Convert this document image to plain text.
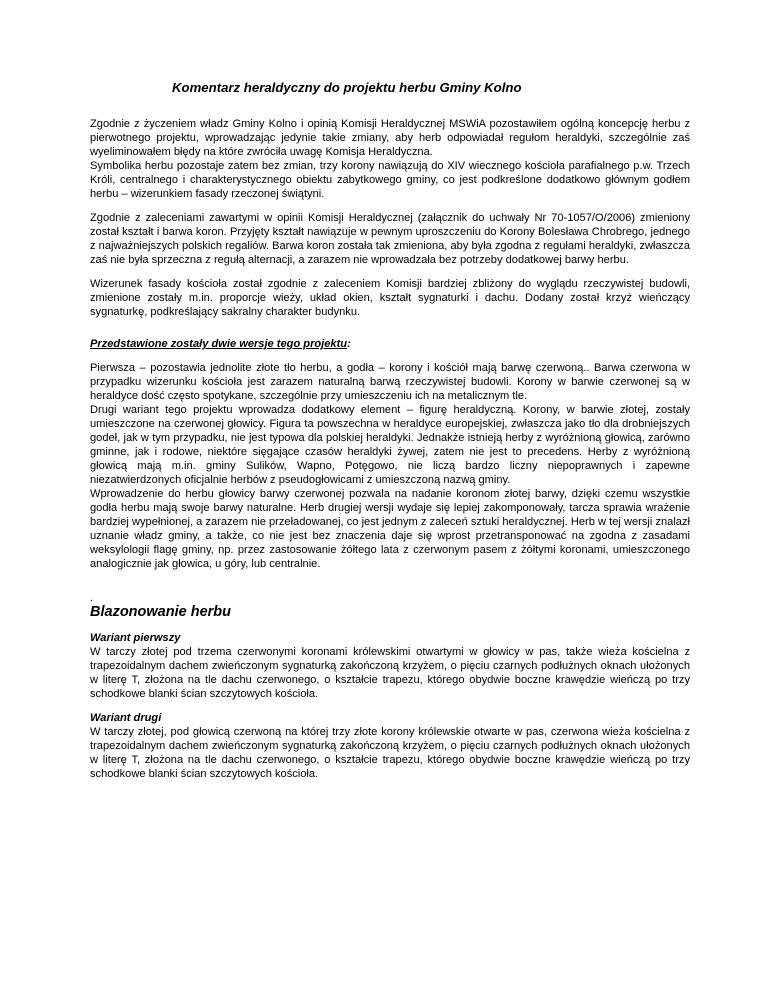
Komentarz heraldyczny do projektu herbu Gminy Kolno

Zgodnie z życzeniem władz Gminy Kolno i opinią Komisji Heraldycznej MSWiA pozostawiłem ogólną koncepcję herbu z pierwotnego projektu, wprowadzając jedynie takie zmiany, aby herb odpowiadał regułom heraldyki, szczególnie zaś wyeliminowałem błędy na które zwróciła uwagę Komisja Heraldyczna.

Symbolika herbu pozostaje zatem bez zmian, trzy korony nawiązują do XIV wiecznego kościoła parafialnego p.w. Trzech Króli, centralnego i charakterystycznego obiektu zabytkowego gminy, co jest podkreślone dodatkowo głównym godłem herbu – wizerunkiem fasady rzeczonej świątyni.

Zgodnie z zaleceniami zawartymi w opinii Komisji Heraldycznej (załącznik do uchwały Nr 70-1057/O/2006) zmieniony został kształt i barwa koron. Przyjęty kształt nawiązuje w pewnym uproszczeniu do Korony Bolesława Chrobrego, jednego z najważniejszych polskich regaliów. Barwa koron została tak zmieniona, aby była zgodna z regułami heraldyki, zwłaszcza zaś nie była sprzeczna z regułą alternacji, a zarazem nie wprowadzała bez potrzeby dodatkowej barwy herbu.

Wizerunek fasady kościoła został zgodnie z zaleceniem Komisji bardziej zbliżony do wyglądu rzeczywistej budowli, zmienione zostały m.in. proporcje wieży, układ okien, kształt sygnaturki i dachu. Dodany został krzyż wieńczący sygnaturkę, podkreślający sakralny charakter budynku.

Przedstawione zostały dwie wersje tego projektu:

Pierwsza – pozostawia jednolite złote tło herbu, a godła – korony i kościół mają barwę czerwoną.. Barwa czerwona w przypadku wizerunku kościoła jest zarazem naturalną barwą rzeczywistej budowli. Korony w barwie czerwonej są w heraldyce dość często spotykane, szczególnie przy umieszczeniu ich na metalicznym tle.

Drugi wariant tego projektu wprowadza dodatkowy element – figurę heraldyczną. Korony, w barwie złotej, zostały umieszczone na czerwonej głowicy. Figura ta powszechna w heraldyce europejskiej, zwłaszcza jako tło dla drobniejszych godeł, jak w tym przypadku, nie jest typowa dla polskiej heraldyki. Jednakże istnieją herby z wyróżnioną głowicą, zarówno gminne, jak i rodowe, niektóre sięgające czasów heraldyki żywej, zatem nie jest to precedens. Herby z wyróżnioną głowicą mają m.in. gminy Sulików, Wapno, Potęgowo, nie liczą bardzo liczny niepoprawnych i zapewne niezatwierdzonych oficjalnie herbów z pseudogłowicami z umieszczoną nazwą gminy.

Wprowadzenie do herbu głowicy barwy czerwonej pozwala na nadanie koronom złotej barwy, dzięki czemu wszystkie godła herbu mają swoje barwy naturalne. Herb drugiej wersji wydaje się lepiej zakomponowały, tarcza sprawia wrażenie bardziej wypełnionej, a zarazem nie przeładowanej, co jest jednym z zaleceń sztuki heraldycznej. Herb w tej wersji znalazł uznanie władz gminy, a także, co nie jest bez znaczenia daje się wprost przetransponować na zgodna z zasadami weksylologii flagę gminy, np. przez zastosowanie żółtego lata z czerwonym pasem z żółtymi koronami, umieszczonego analogicznie jak głowica, u góry, lub centralnie.

.
Blazonowanie herbu
Wariant pierwszy

W tarczy złotej pod trzema czerwonymi koronami królewskimi otwartymi w głowicy w pas, także wieża kościelna z trapezoidalnym dachem zwieńczonym sygnaturką zakończoną krzyżem, o pięciu czarnych podłużnych oknach ułożonych w literę T, złożona na tle dachu czerwonego, o kształcie trapezu, którego obydwie boczne krawędzie wieńczą po trzy schodkowe blanki ścian szczytowych kościoła.

Wariant drugi

W tarczy złotej, pod głowicą czerwoną na której trzy złote korony królewskie otwarte w pas, czerwona wieża kościelna z trapezoidalnym dachem zwieńczonym sygnaturką zakończoną krzyżem, o pięciu czarnych podłużnych oknach ułożonych w literę T, złożona na tle dachu czerwonego, o kształcie trapezu, którego obydwie boczne krawędzie wieńczą po trzy schodkowe blanki ścian szczytowych kościoła.
